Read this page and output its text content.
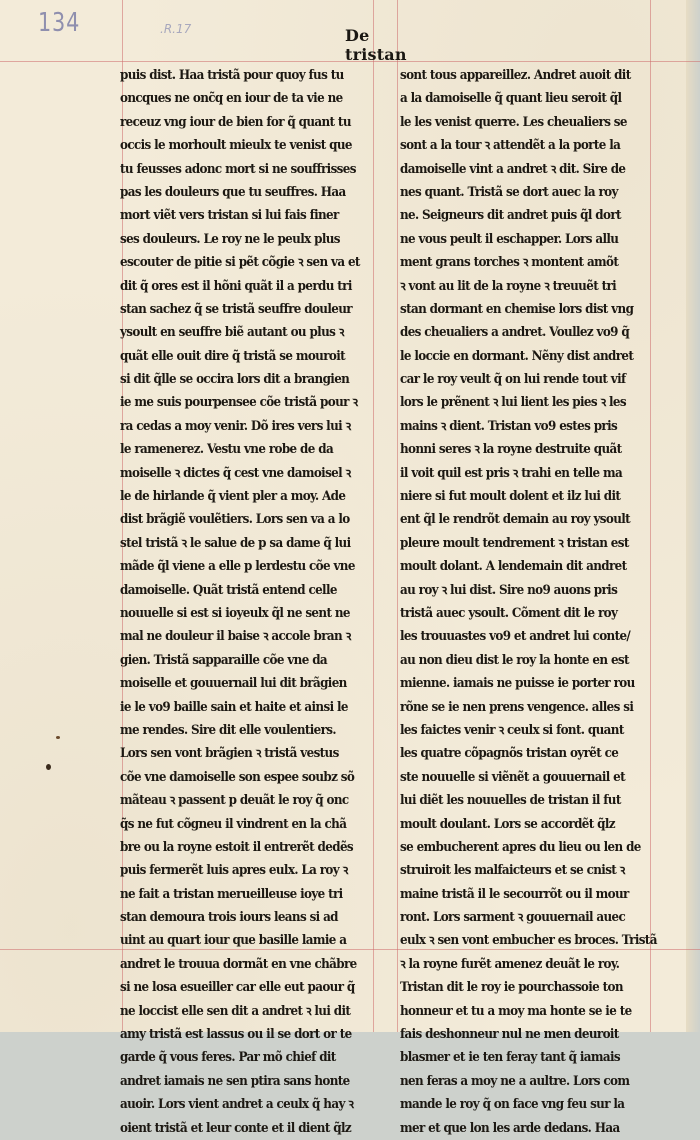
134	.R.17	De tristan
puis dist. Haa tristã pour quoy fus tu
oncques ne onc̃q en iour de ta vie ne
receuz vng iour de bien for q̃ quant tu
occis le morhoult mieulx te venist que
tu feusses adonc mort si ne souffrisses
pas les douleurs que tu seuffres. Haa
mort viẽt vers tristan si lui fais finer
ses douleurs. Le roy ne le peulx plus
escouter de pitie si pẽt cõgie ꝛ sen va et
dit q̃ ores est il hõni quãt il a perdu tri
stan sachez q̃ se tristã seuffre douleur
ysoult en seuffre biẽ autant ou plus ꝛ
quãt elle ouit dire q̃ tristã se mouroit
si dit q̃lle se occira lors dit a brangien
ie me suis pourpensee cõe tristã pour ꝛ
ra cedas a moy venir. Dõ ires vers lui ꝛ
le ramenerez. Vestu vne robe de da
moiselle ꝛ dictes q̃ cest vne damoisel ꝛ
le de hirlande q̃ vient pler a moy. Ade
dist brãgiẽ voulẽtiers. Lors sen va a lo
stel tristã ꝛ le salue de p sa dame q̃ lui
mãde q̃l viene a elle p lerdestu cõe vne
damoiselle. Quãt tristã entend celle
nouuelle si est si ioyeulx q̃l ne sent ne
mal ne douleur il baise ꝛ accole bran ꝛ
gien. Tristã sapparaille cõe vne da
moiselle et gouuernail lui dit brãgien
ie le vo9 baille sain et haite et ainsi le
me rendes. Sire dit elle voulentiers.
Lors sen vont brãgien ꝛ tristã vestus
cõe vne damoiselle son espee soubz sõ
mãteau ꝛ passent p deuãt le roy q̃ onc
q̃s ne fut cõgneu il vindrent en la chã
bre ou la royne estoit il entrerẽt dedẽs
puis fermerẽt luis apres eulx. La roy ꝛ
ne fait a tristan merueilleuse ioye tri
stan demoura trois iours leans si ad
uint au quart iour que basille lamie a
andret le trouua dormãt en vne chãbre
si ne losa esueiller car elle eut paour q̃
ne loccist elle sen dit a andret ꝛ lui dit
amy tristã est lassus ou il se dort or te
garde q̃ vous feres. Par mõ chief dit
andret iamais ne sen ptira sans honte
auoir. Lors vient andret a ceulx q̃ hay ꝛ
oient tristã et leur conte et il dient q̃lz
sont tous appareillez. Andret auoit dit
a la damoiselle q̃ quant lieu seroit q̃l
le les venist querre. Les cheualiers se
sont a la tour ꝛ attendẽt a la porte la
damoiselle vint a andret ꝛ dit. Sire de
nes quant. Tristã se dort auec la roy
ne. Seigneurs dit andret puis q̃l dort
ne vous peult il eschapper. Lors allu
ment grans torches ꝛ montent amõt
ꝛ vont au lit de la royne ꝛ treuuẽt tri
stan dormant en chemise lors dist vng
des cheualiers a andret. Voullez vo9 q̃
le loccie en dormant. Nẽny dist andret
car le roy veult q̃ on lui rende tout vif
lors le prẽnent ꝛ lui lient les pies ꝛ les
mains ꝛ dient. Tristan vo9 estes pris
honni seres ꝛ la royne destruite quãt
il voit quil est pris ꝛ trahi en telle ma
niere si fut moult dolent et ilz lui dit
ent q̃l le rendrõt demain au roy ysoult
pleure moult tendrement ꝛ tristan est
moult dolant. A lendemain dit andret
au roy ꝛ lui dist. Sire no9 auons pris
tristã auec ysoult. Cõment dit le roy
les trouuastes vo9 et andret lui conte/
au non dieu dist le roy la honte en est
mienne. iamais ne puisse ie porter rou
rõne se ie nen prens vengence. alles si
les faictes venir ꝛ ceulx si font. quant
les quatre cõpagnõs tristan oyrẽt ce
ste nouuelle si viẽnẽt a gouuernail et
lui diẽt les nouuelles de tristan il fut
moult doulant. Lors se accordẽt q̃lz
se embucherent apres du lieu ou len de
struiroit les malfaicteurs et se cnist ꝛ
maine tristã il le secourrõt ou il mour
ront. Lors sarment ꝛ gouuernail auec
eulx ꝛ sen vont embucher es broces. Tristã
ꝛ la royne furẽt amenez deuãt le roy.
Tristan dit le roy ie pourchassoie ton
honneur et tu a moy ma honte se ie te
fais deshonneur nul ne men deuroit
blasmer et ie ten feray tant q̃ iamais
nen feras a moy ne a aultre. Lors com
mande le roy q̃ on face vng feu sur la
mer et que lon les arde dedans. Haa
